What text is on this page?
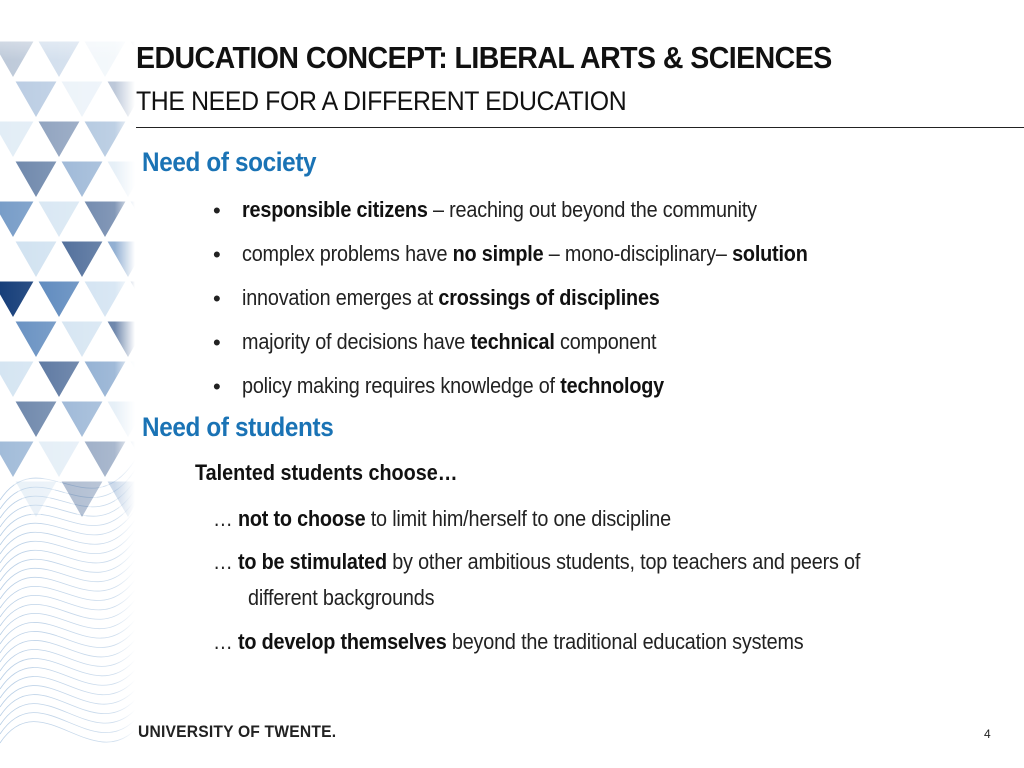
EDUCATION CONCEPT: LIBERAL ARTS & SCIENCES
THE NEED FOR A DIFFERENT EDUCATION
Need of society
• responsible citizens – reaching out beyond the community
• complex problems have no simple – mono-disciplinary– solution
• innovation emerges at crossings of disciplines
• majority of decisions have technical component
• policy making requires knowledge of technology
Need of students
Talented students choose…
… not to choose to limit him/herself to one discipline
… to be stimulated by other ambitious students, top teachers and peers of
different backgrounds
… to develop themselves beyond the traditional education systems
UNIVERSITY OF TWENTE.	4
